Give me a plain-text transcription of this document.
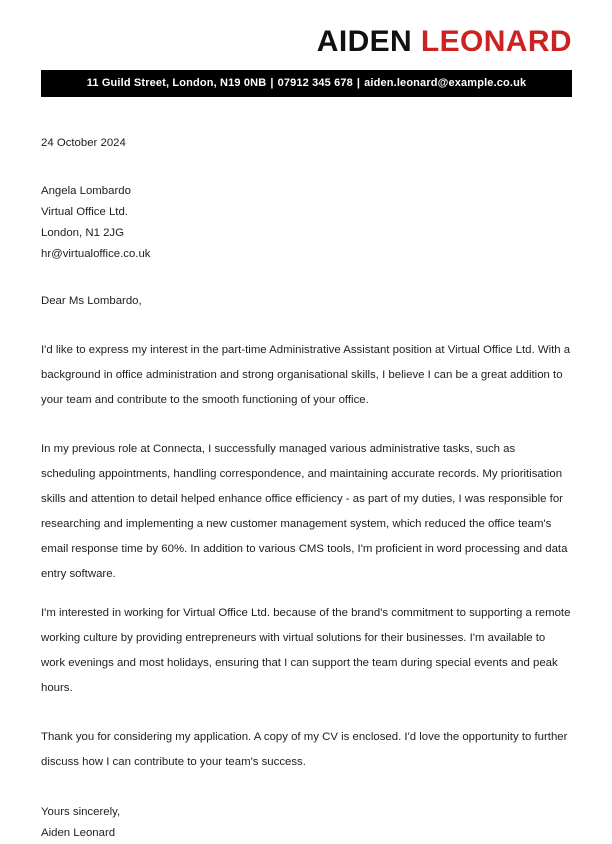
AIDEN LEONARD
11 Guild Street, London, N19 0NB | 07912 345 678 | aiden.leonard@example.co.uk
24 October 2024
Angela Lombardo
Virtual Office Ltd.
London, N1 2JG
hr@virtualoffice.co.uk
Dear Ms Lombardo,

I'd like to express my interest in the part-time Administrative Assistant position at Virtual Office Ltd. With a background in office administration and strong organisational skills, I believe I can be a great addition to your team and contribute to the smooth functioning of your office.

In my previous role at Connecta, I successfully managed various administrative tasks, such as scheduling appointments, handling correspondence, and maintaining accurate records. My prioritisation skills and attention to detail helped enhance office efficiency - as part of my duties, I was responsible for researching and implementing a new customer management system, which reduced the office team's email response time by 60%. In addition to various CMS tools, I'm proficient in word processing and data entry software.

I'm interested in working for Virtual Office Ltd. because of the brand's commitment to supporting a remote working culture by providing entrepreneurs with virtual solutions for their businesses. I'm available to work evenings and most holidays, ensuring that I can support the team during special events and peak hours.

Thank you for considering my application. A copy of my CV is enclosed. I'd love the opportunity to further discuss how I can contribute to your team's success.

Yours sincerely,
Aiden Leonard
